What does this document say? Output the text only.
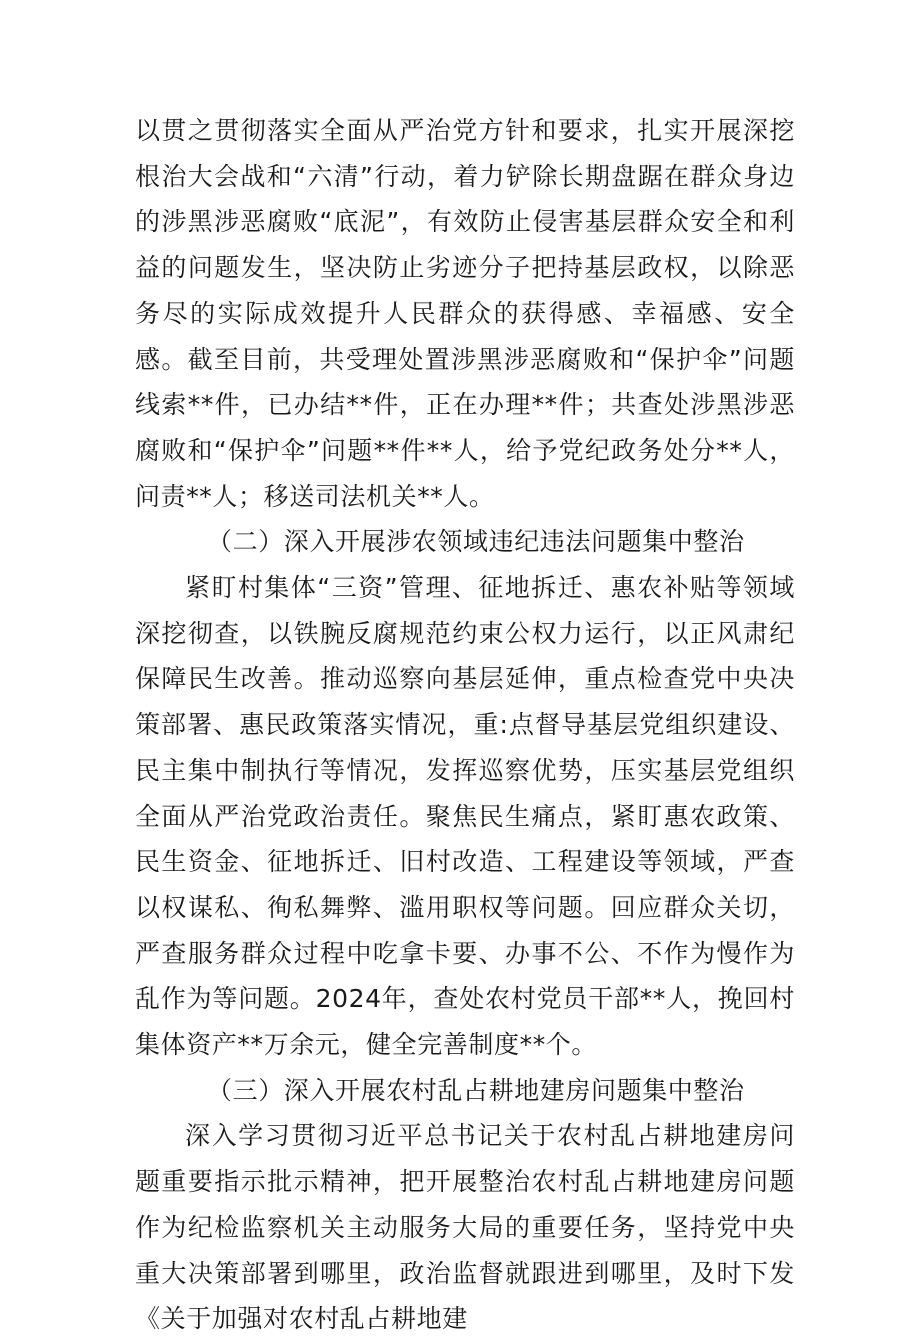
以贯之贯彻落实全面从严治党方针和要求，扎实开展深挖根治大会战和“六清”行动，着力铲除长期盘踞在群众身边的涉黑涉恶腐败“底泥”，有效防止侵害基层群众安全和利益的问题发生，坚决防止劣迹分子把持基层政权，以除恶务尽的实际成效提升人民群众的获得感、幸福感、安全感。截至目前，共受理处置涉黑涉恶腐败和“保护伞”问题线索**件，已办结**件，正在办理**件；共查处涉黑涉恶腐败和“保护伞”问题**件**人，给予党纪政务处分**人，问责**人；移送司法机关**人。

（二）深入开展涉农领域违纪违法问题集中整治

紧盯村集体“三资”管理、征地拆迁、惠农补贴等领域深挖彻查，以铁腕反腐规范约束公权力运行，以正风肃纪保障民生改善。推动巡察向基层延伸，重点检查党中央决策部署、惠民政策落实情况，重:点督导基层党组织建设、民主集中制执行等情况，发挥巡察优势，压实基层党组织全面从严治党政治责任。聚焦民生痛点，紧盯惠农政策、民生资金、征地拆迁、旧村改造、工程建设等领域，严查以权谋私、徇私舞弊、滥用职权等问题。回应群众关切，严查服务群众过程中吃拿卡要、办事不公、不作为慢作为乱作为等问题。2024年，查处农村党员干部**人，挽回村集体资产**万余元，健全完善制度**个。

（三）深入开展农村乱占耕地建房问题集中整治

深入学习贯彻习近平总书记关于农村乱占耕地建房问题重要指示批示精神，把开展整治农村乱占耕地建房问题作为纪检监察机关主动服务大局的重要任务，坚持党中央重大决策部署到哪里，政治监督就跟进到哪里，及时下发《关于加强对农村乱占耕地建
